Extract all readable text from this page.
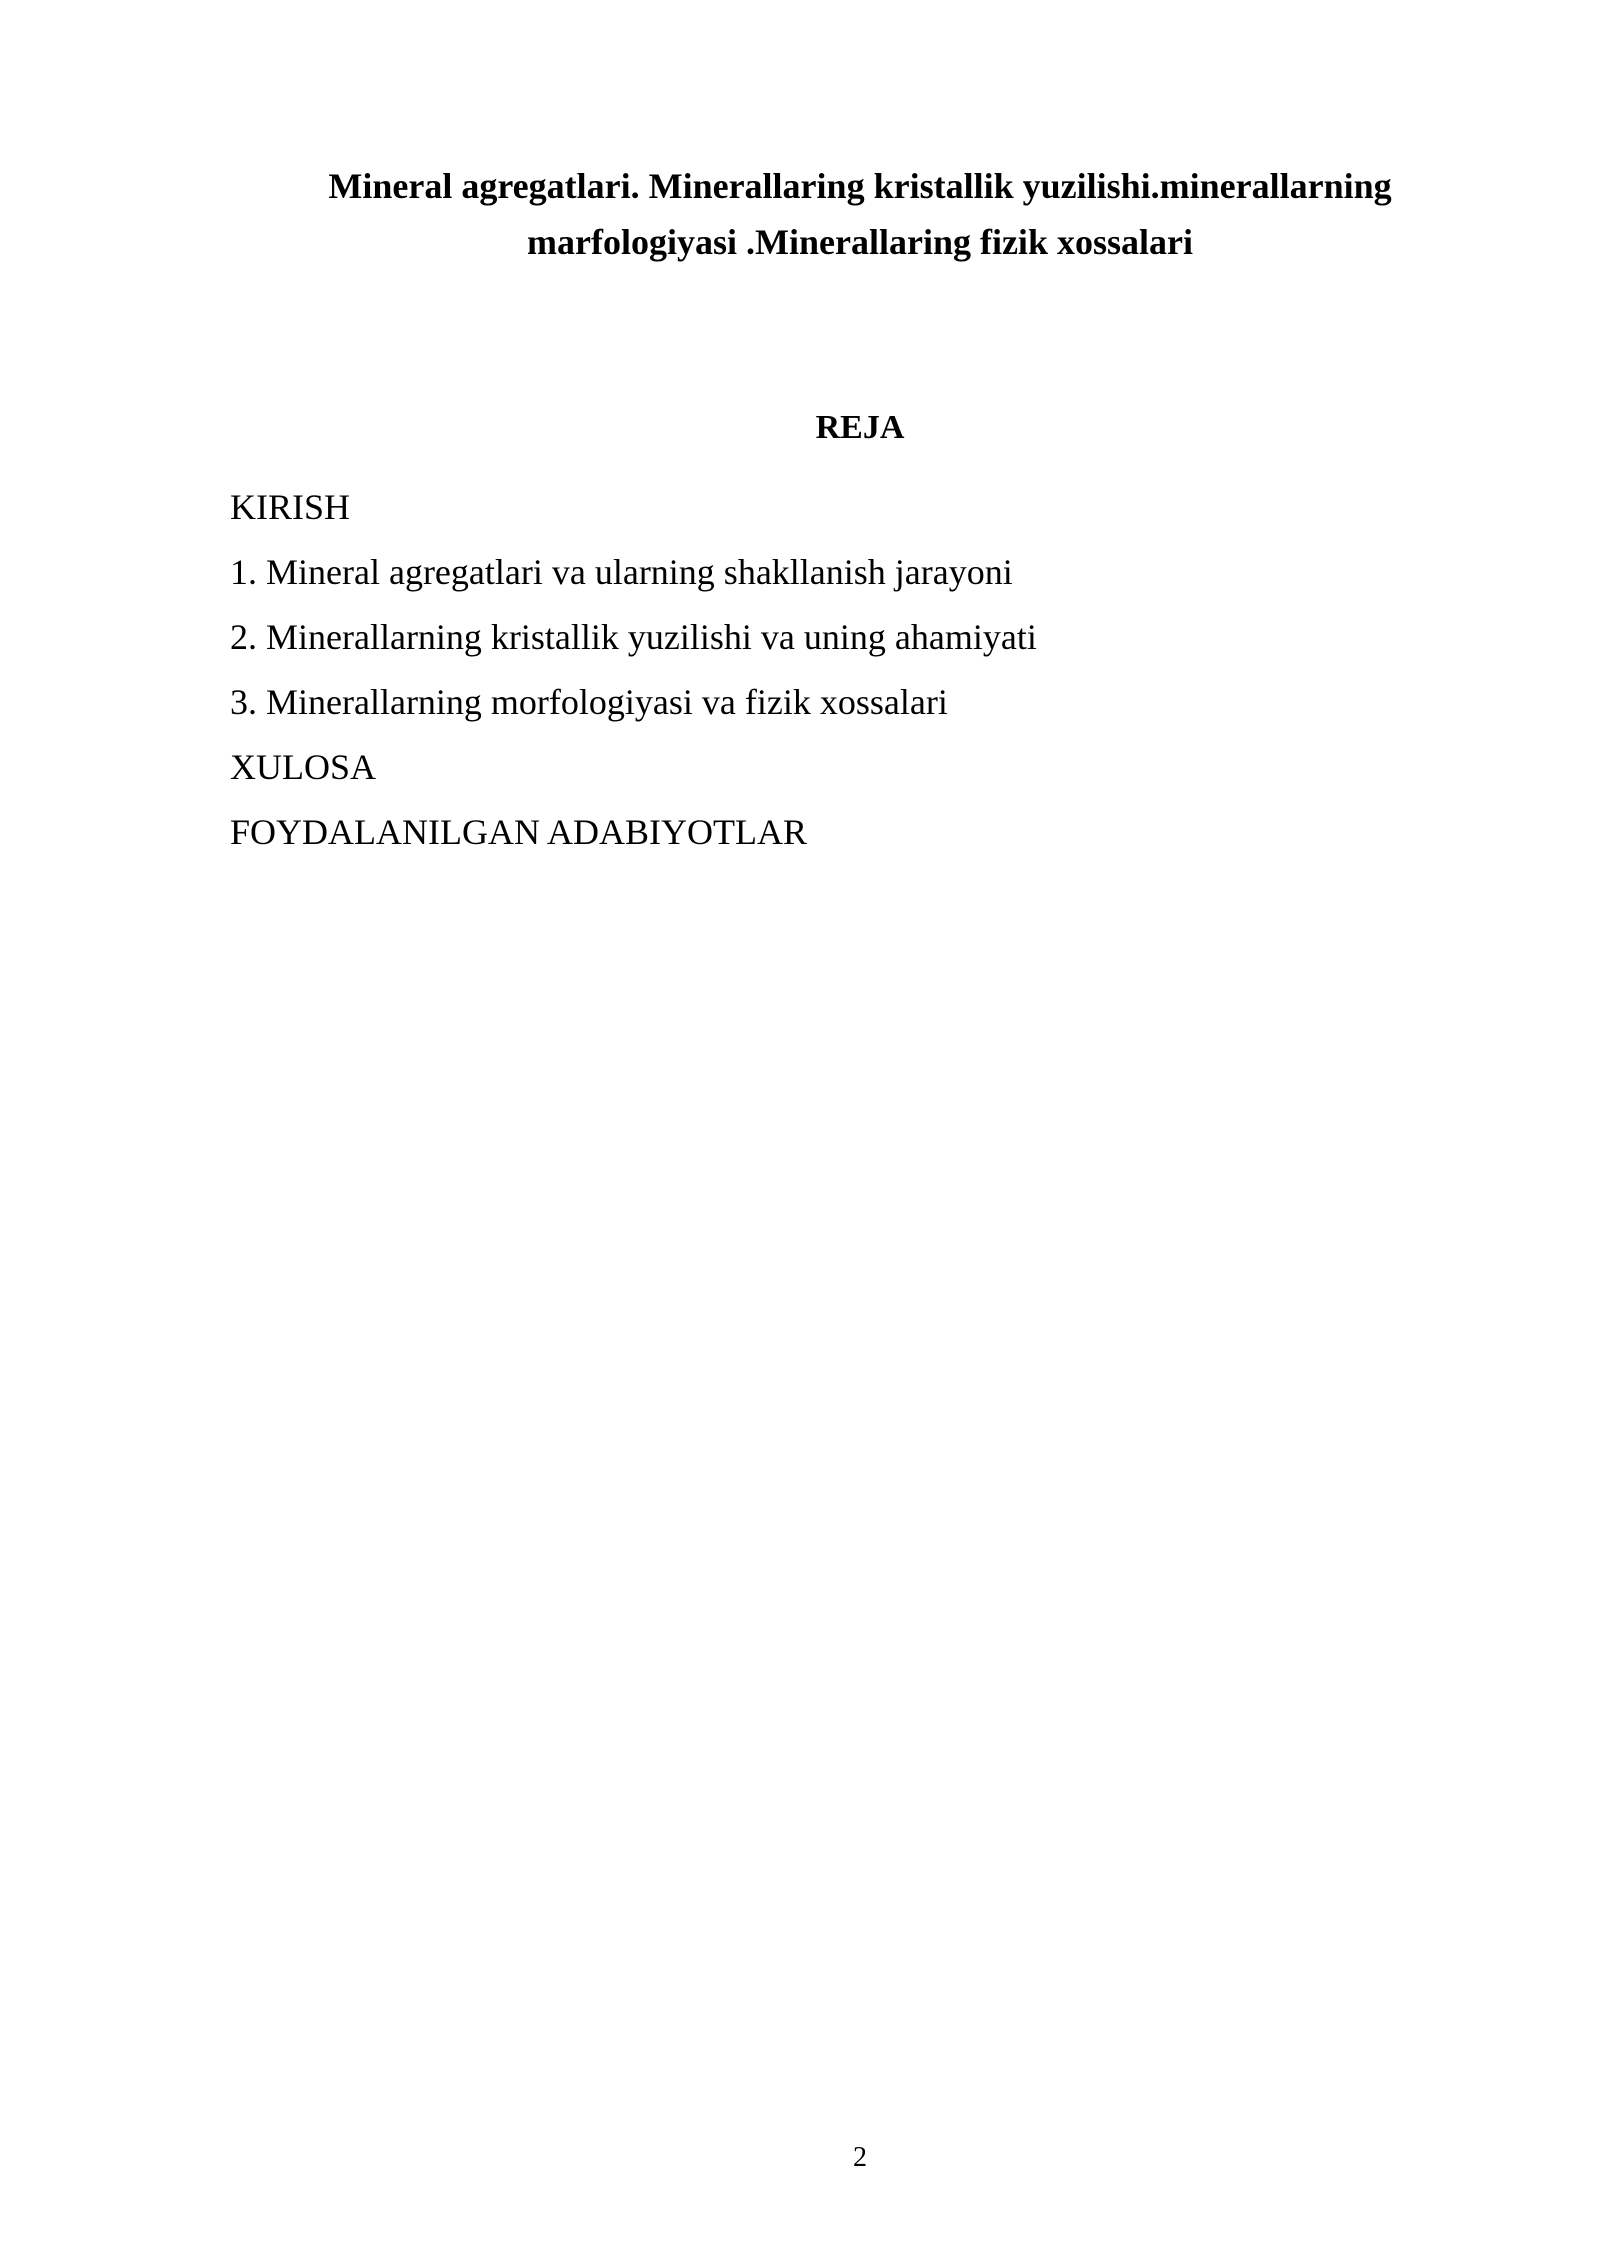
Mineral agregatlari. Minerallaring kristallik yuzilishi.minerallarning
marfologiyasi .Minerallaring fizik xossalari
REJA
KIRISH
1. Mineral agregatlari va ularning shakllanish jarayoni
2. Minerallarning kristallik yuzilishi va uning ahamiyati
3. Minerallarning morfologiyasi va fizik xossalari
XULOSA
FOYDALANILGAN ADABIYOTLAR
2
